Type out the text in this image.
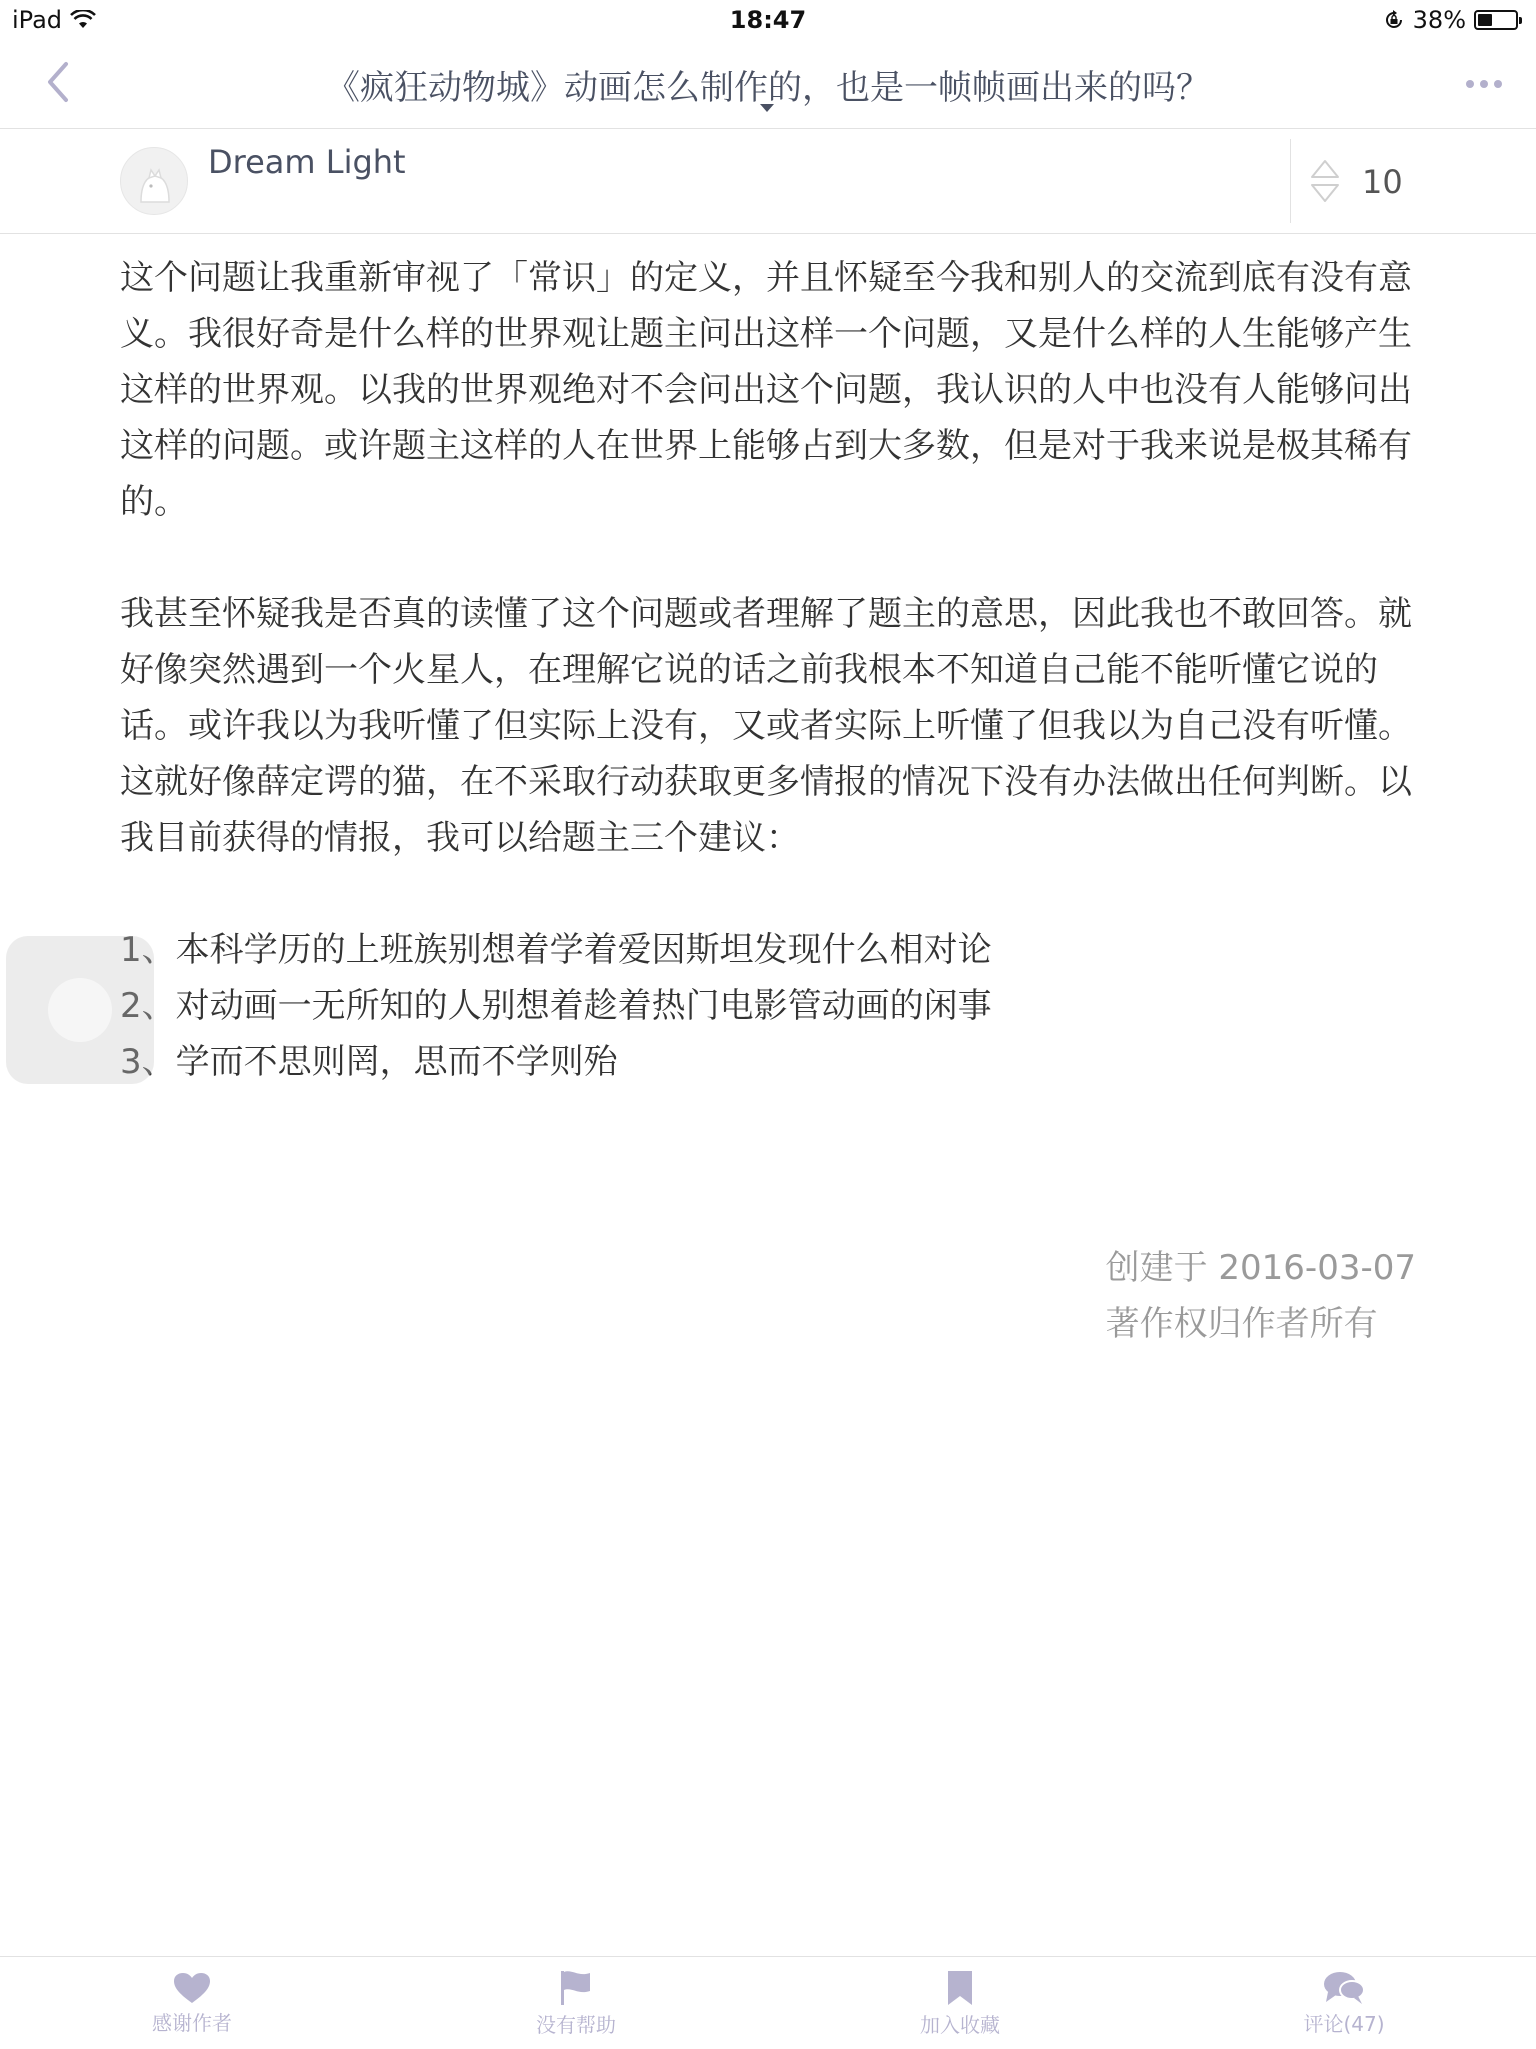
iPad	18:47	38%
《疯狂动物城》动画怎么制作的，也是一帧帧画出来的吗？
Dream Light
10

这个问题让我重新审视了「常识」的定义，并且怀疑至今我和别人的交流到底有没有意义。我很好奇是什么样的世界观让题主问出这样一个问题，又是什么样的人生能够产生这样的世界观。以我的世界观绝对不会问出这个问题，我认识的人中也没有人能够问出这样的问题。或许题主这样的人在世界上能够占到大多数，但是对于我来说是极其稀有的。

我甚至怀疑我是否真的读懂了这个问题或者理解了题主的意思，因此我也不敢回答。就好像突然遇到一个火星人，在理解它说的话之前我根本不知道自己能不能听懂它说的话。或许我以为我听懂了但实际上没有，又或者实际上听懂了但我以为自己没有听懂。这就好像薛定谔的猫，在不采取行动获取更多情报的情况下没有办法做出任何判断。以我目前获得的情报，我可以给题主三个建议：

1、本科学历的上班族别想着学着爱因斯坦发现什么相对论

2、对动画一无所知的人别想着趁着热门电影管动画的闲事

3、学而不思则罔，思而不学则殆

创建于 2016-03-07
著作权归作者所有
感谢作者	没有帮助	加入收藏	评论(47)
